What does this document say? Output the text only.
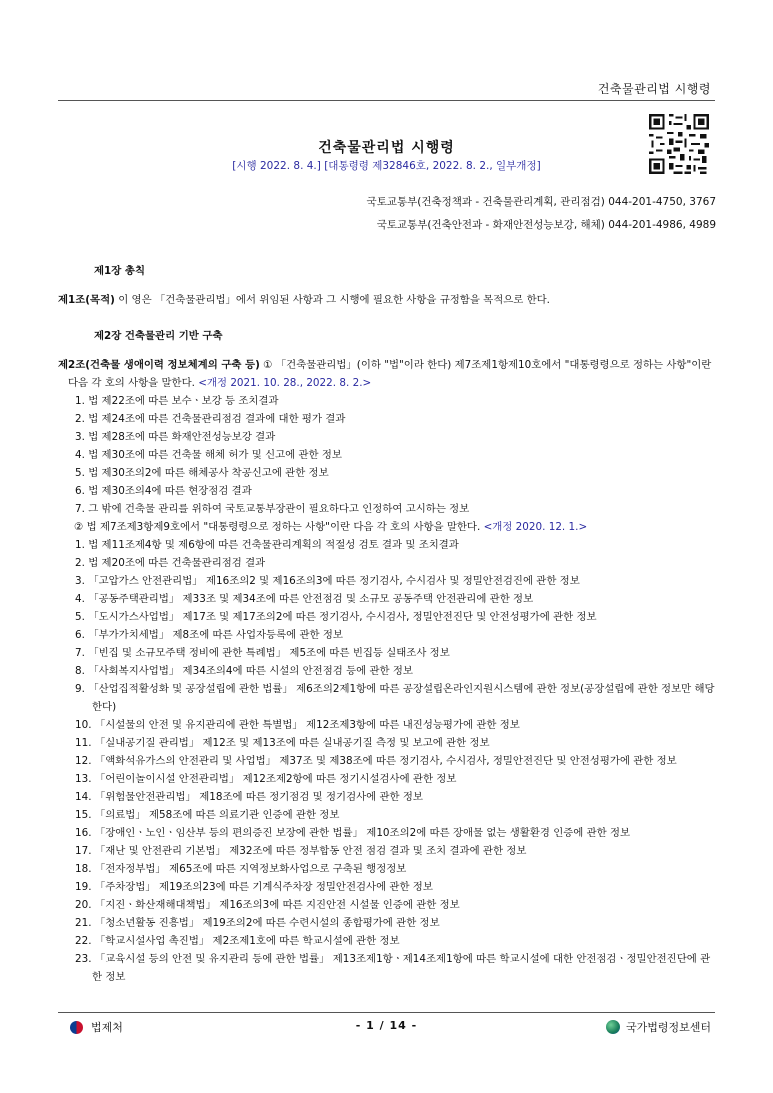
건축물관리법 시행령
건축물관리법 시행령
[시행 2022. 8. 4.] [대통령령 제32846호, 2022. 8. 2., 일부개정]
국토교통부(건축정책과 - 건축물관리계획, 관리점검) 044-201-4750, 3767
국토교통부(건축안전과 - 화재안전성능보강, 해체) 044-201-4986, 4989
제1장 총칙
제1조(목적) 이 영은 「건축물관리법」에서 위임된 사항과 그 시행에 필요한 사항을 규정함을 목적으로 한다.
제2장 건축물관리 기반 구축
제2조(건축물 생애이력 정보체계의 구축 등) ① 「건축물관리법」(이하 "법"이라 한다) 제7조제1항제10호에서 "대통령령으로 정하는 사항"이란 다음 각 호의 사항을 말한다. <개정 2021. 10. 28., 2022. 8. 2.>
1. 법 제22조에 따른 보수ㆍ보강 등 조치결과
2. 법 제24조에 따른 건축물관리점검 결과에 대한 평가 결과
3. 법 제28조에 따른 화재안전성능보강 결과
4. 법 제30조에 따른 건축물 해체 허가 및 신고에 관한 정보
5. 법 제30조의2에 따른 해체공사 착공신고에 관한 정보
6. 법 제30조의4에 따른 현장점검 결과
7. 그 밖에 건축물 관리를 위하여 국토교통부장관이 필요하다고 인정하여 고시하는 정보
② 법 제7조제3항제9호에서 "대통령령으로 정하는 사항"이란 다음 각 호의 사항을 말한다. <개정 2020. 12. 1.>
1. 법 제11조제4항 및 제6항에 따른 건축물관리계획의 적절성 검토 결과 및 조치결과
2. 법 제20조에 따른 건축물관리점검 결과
3. 「고압가스 안전관리법」 제16조의2 및 제16조의3에 따른 정기검사, 수시검사 및 정밀안전검진에 관한 정보
4. 「공동주택관리법」 제33조 및 제34조에 따른 안전점검 및 소규모 공동주택 안전관리에 관한 정보
5. 「도시가스사업법」 제17조 및 제17조의2에 따른 정기검사, 수시검사, 정밀안전진단 및 안전성평가에 관한 정보
6. 「부가가치세법」 제8조에 따른 사업자등록에 관한 정보
7. 「빈집 및 소규모주택 정비에 관한 특례법」 제5조에 따른 빈집등 실태조사 정보
8. 「사회복지사업법」 제34조의4에 따른 시설의 안전점검 등에 관한 정보
9. 「산업집적활성화 및 공장설립에 관한 법률」 제6조의2제1항에 따른 공장설립온라인지원시스템에 관한 정보(공장설립에 관한 정보만 해당한다)
10. 「시설물의 안전 및 유지관리에 관한 특별법」 제12조제3항에 따른 내진성능평가에 관한 정보
11. 「실내공기질 관리법」 제12조 및 제13조에 따른 실내공기질 측정 및 보고에 관한 정보
12. 「액화석유가스의 안전관리 및 사업법」 제37조 및 제38조에 따른 정기검사, 수시검사, 정밀안전진단 및 안전성평가에 관한 정보
13. 「어린이놀이시설 안전관리법」 제12조제2항에 따른 정기시설검사에 관한 정보
14. 「위험물안전관리법」 제18조에 따른 정기점검 및 정기검사에 관한 정보
15. 「의료법」 제58조에 따른 의료기관 인증에 관한 정보
16. 「장애인ㆍ노인ㆍ임산부 등의 편의증진 보장에 관한 법률」 제10조의2에 따른 장애물 없는 생활환경 인증에 관한 정보
17. 「재난 및 안전관리 기본법」 제32조에 따른 정부합동 안전 점검 결과 및 조치 결과에 관한 정보
18. 「전자정부법」 제65조에 따른 지역정보화사업으로 구축된 행정정보
19. 「주차장법」 제19조의23에 따른 기계식주차장 정밀안전검사에 관한 정보
20. 「지진ㆍ화산재해대책법」 제16조의3에 따른 지진안전 시설물 인증에 관한 정보
21. 「청소년활동 진흥법」 제19조의2에 따른 수련시설의 종합평가에 관한 정보
22. 「학교시설사업 촉진법」 제2조제1호에 따른 학교시설에 관한 정보
23. 「교육시설 등의 안전 및 유지관리 등에 관한 법률」 제13조제1항ㆍ제14조제1항에 따른 학교시설에 대한 안전점검ㆍ정밀안전진단에 관한 정보
법제처	- 1 / 14 -	국가법령정보센터
